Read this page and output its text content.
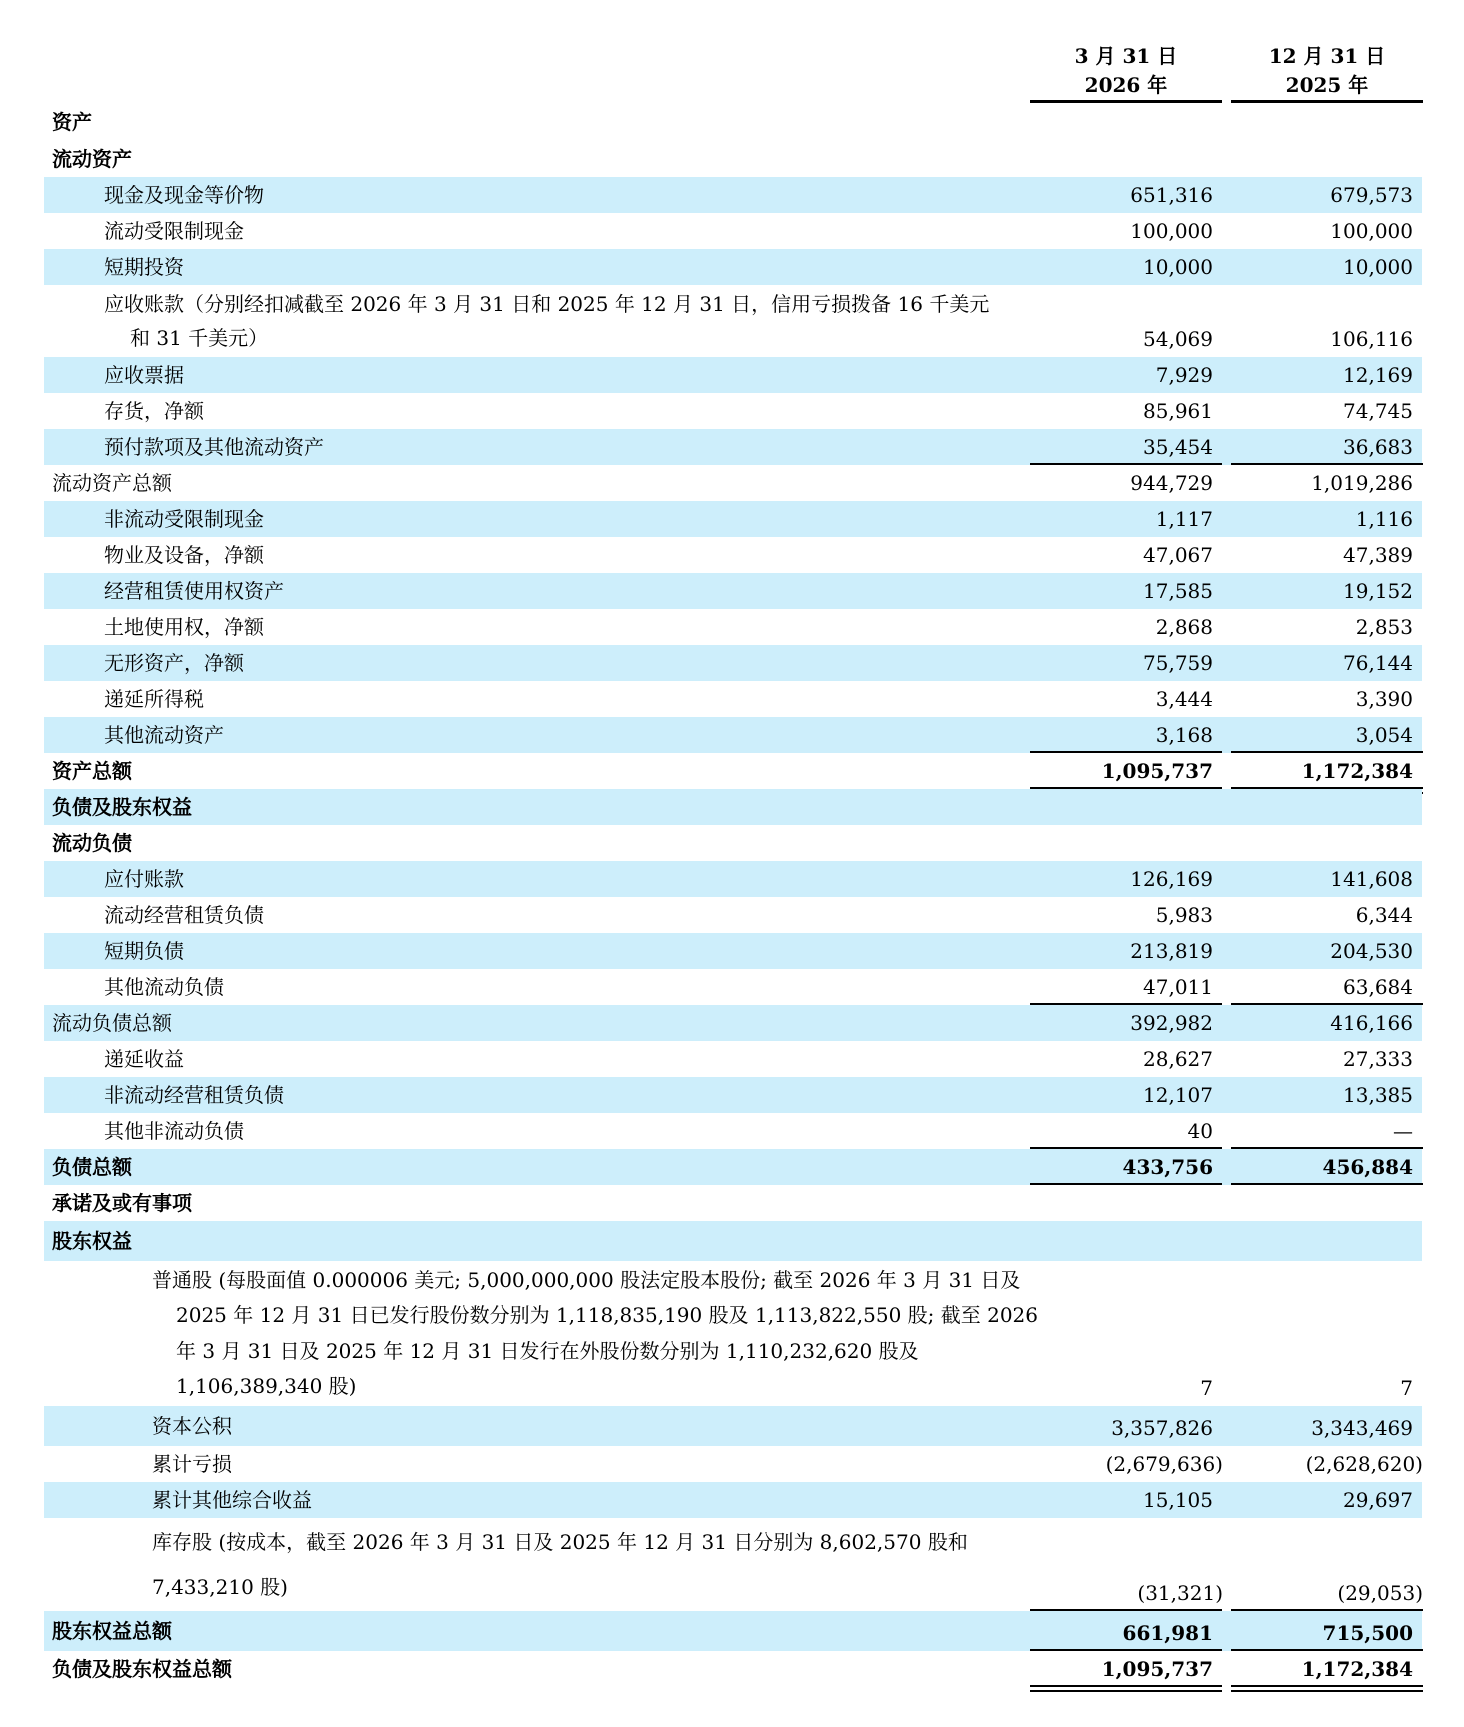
3 月 31 日
2026 年
12 月 31 日
2025 年
资产
流动资产
现金及现金等价物	651,316	679,573
流动受限制现金	100,000	100,000
短期投资	10,000	10,000
应收账款（分别经扣减截至 2026 年 3 月 31 日和 2025 年 12 月 31 日，信用亏损拨备 16 千美元
和 31 千美元）	54,069	106,116
应收票据	7,929	12,169
存货，净额	85,961	74,745
预付款项及其他流动资产	35,454	36,683
流动资产总额	944,729	1,019,286
非流动受限制现金	1,117	1,116
物业及设备，净额	47,067	47,389
经营租赁使用权资产	17,585	19,152
土地使用权，净额	2,868	2,853
无形资产，净额	75,759	76,144
递延所得税	3,444	3,390
其他流动资产	3,168	3,054
资产总额	1,095,737	1,172,384
负债及股东权益
流动负债
应付账款	126,169	141,608
流动经营租赁负债	5,983	6,344
短期负债	213,819	204,530
其他流动负债	47,011	63,684
流动负债总额	392,982	416,166
递延收益	28,627	27,333
非流动经营租赁负债	12,107	13,385
其他非流动负债	40	—
负债总额	433,756	456,884
承诺及或有事项
股东权益
普通股 (每股面值 0.000006 美元; 5,000,000,000 股法定股本股份; 截至 2026 年 3 月 31 日及
2025 年 12 月 31 日已发行股份数分别为 1,118,835,190 股及 1,113,822,550 股; 截至 2026
年 3 月 31 日及 2025 年 12 月 31 日发行在外股份数分别为 1,110,232,620 股及
1,106,389,340 股)	7	7
资本公积	3,357,826	3,343,469
累计亏损	(2,679,636)	(2,628,620)
累计其他综合收益	15,105	29,697
库存股 (按成本，截至 2026 年 3 月 31 日及 2025 年 12 月 31 日分别为 8,602,570 股和
7,433,210 股)	(31,321)	(29,053)
股东权益总额	661,981	715,500
负债及股东权益总额	1,095,737	1,172,384
